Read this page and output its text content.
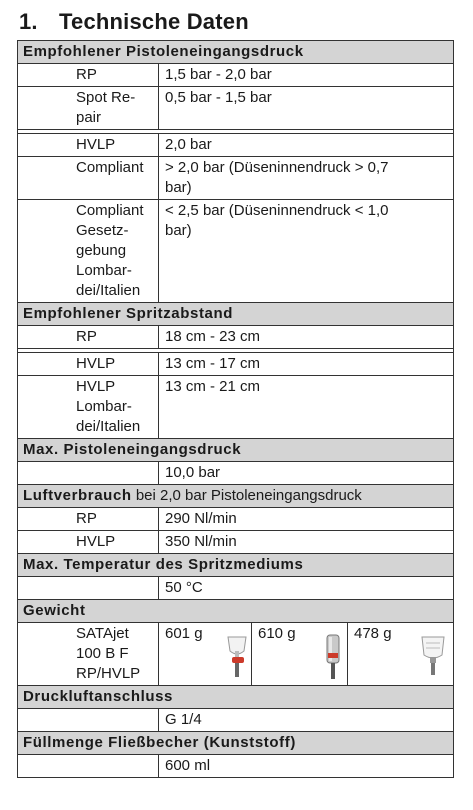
1. Technische Daten
Empfohlener Pistoleneingangsdruck			
RP	1,5 bar - 2,0 bar		
Spot Re-
pair	0,5 bar - 1,5 bar		

HVLP	2,0 bar		
Compliant	> 2,0 bar (Düseninnendruck > 0,7
bar)		
Compliant
Gesetz-
gebung
Lombar-
dei/Italien	< 2,5 bar (Düseninnendruck < 1,0
bar)		
Empfohlener Spritzabstand			
RP	18 cm - 23 cm		

HVLP	13 cm - 17 cm		
HVLP
Lombar-
dei/Italien	13 cm - 21 cm		
Max. Pistoleneingangsdruck			
	10,0 bar		
Luftverbrauch bei 2,0 bar Pistoleneingangsdruck			
RP	290 Nl/min		
HVLP	350 Nl/min		
Max. Temperatur des Spritzmediums			
	50 °C		
Gewicht			
SATAjet
100 B F
RP/HVLP	601 g	610 g	478 g

Druckluftanschluss			
	G 1/4		
Füllmenge Fließbecher (Kunststoff)			
	600 ml		
